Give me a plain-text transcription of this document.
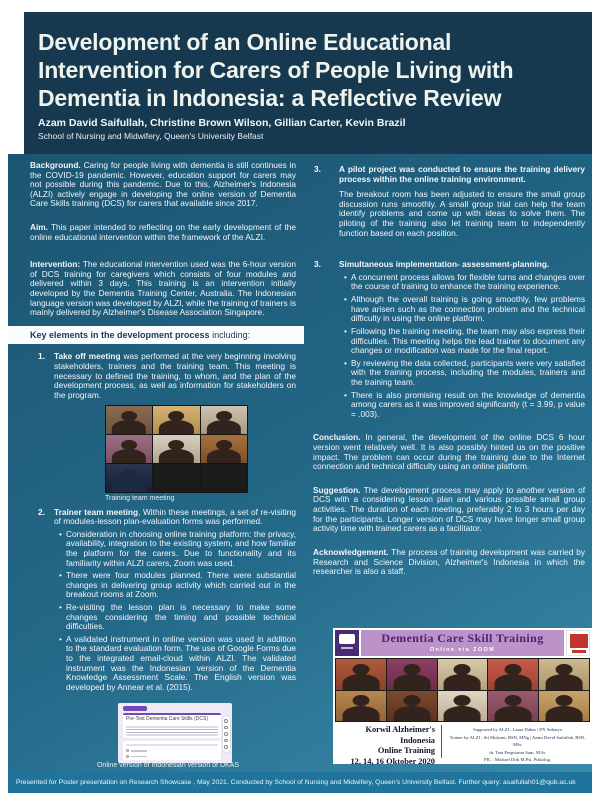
Development of an Online Educational Intervention for Carers of People Living with Dementia in Indonesia: a Reflective Review
Azam David Saifullah, Christine Brown Wilson, Gillian Carter, Kevin Brazil
School of Nursing and Midwifery, Queen's University Belfast

Background. Caring for people living with dementia is still continues in the COVID-19 pandemic. However, education support for carers may not possible during this pandemic. Due to this, Alzheimer's Indonesia (ALZI) actively engage in developing the online version of Dementia Care Skills training (DCS) for carers that available since 2017.

Aim. This paper intended to reflecting on the early development of the online educational intervention within the framework of the ALZI.

Intervention: The educational intervention used was the 6-hour version of DCS training for caregivers which consists of four modules and delivered within 3 days. This training is an intervention initially developed by the Dementia Training Center, Australia. The Indonesian language version was developed by ALZI, while the training of trainers is mainly delivered by Alzheimer's Disease Association Singapore.

Key elements in the development process including:
1.	Take off meeting was performed at the very beginning involving stakeholders, trainers and the training team. This meeting is necessary to defined the training, to whom, and the plan of the development process, as well as information for stakeholders on the program.
Training team meeting
2.	Trainer team meeting, Within these meetings, a set of re-visiting of modules-lesson plan-evaluation forms was performed.
• Consideration in choosing online training platform: the privacy, availability, integration to the existing system, and how familiar the platform for the carers. Due to functionality and its familiarity within ALZI carers, Zoom was used.
• There were four modules planned. There were substantial changes in delivering group activity which carried out in the breakout rooms at Zoom.
• Re-visiting the lesson plan is necessary to make some changes considering the timing and possible technical difficulties.
• A validated instrument in online version was used in addition to the standard evaluation form. The use of Google Forms due to the integrated email-cloud within ALZI. The validated instrument was the Indonesian version of the Dementia Knowledge Assessment Scale. The English version was developed by Annear et al. (2015).
Pre-Test Dementia Care Skills (DCS)
Online version of Indonesian version of DKAS
3.	A pilot project was conducted to ensure the training delivery process within the online training environment.
The breakout room has been adjusted to ensure the small group discussion runs smoothly. A small group trial can help the team identify problems and come up with ideas to solve them. The piloting of the training also let training team to independently function based on each position.
3.	Simultaneous implementation- assessment-planning.
• A concurrent process allows for flexible turns and changes over the course of training to enhance the training experience.
• Although the overall training is going smoothly, few problems have arisen such as the connection problem and the technical difficulty in using the online platform.
• Following the training meeting, the team may also express their difficulties. This meeting helps the lead trainer to document any changes or modification was made for the final report.
• By reviewing the data collected, participants were very satisfied with the training process, including the modules, trainers and the training team.
• There is also promising result on the knowledge of dementia among carers as it was improved significantly (t = 3.99, p value = .003).

Conclusion. In general, the development of the online DCS 6 hour version went relatively well. It is also possibly hinted us on the positive impact. The problem can occur during the training due to the Internet connection and technical difficulty using an online platform.

Suggestion. The development process may apply to another version of DCS with a considering lesson plan and various possible small group activities. The duration of each meeting, preferably 2 to 3 hours per day for the participants. Longer version of DCS may have longer small group activity time with trained carers as a facilitator.

Acknowledgement. The process of training development was carried by Research and Science Division, Alzheimer's Indonesia in which the researcher is also a staff.

Dementia Care Skill Training
Online via ZOOM
Korwil Alzheimer's Indonesia
Online Training
12, 14, 16 Oktober 2020
Supported by ALZI : Laura Dahas | DY Suharya
Trainer by ALZI : Sri Mulyani, BSN, MNg | Azam David Saifullah, BSN, MSc
dr. Tara Puspitarini Sani, M.Sc
PIC : Michael Dirk M.Psi, Psikolog.
Presented for Poster presentation on Research Showcase , May 2021. Conducted by School of Nursing and Midwifery, Queen's University Belfast. Further query: asaifullah01@qub.ac.uk
